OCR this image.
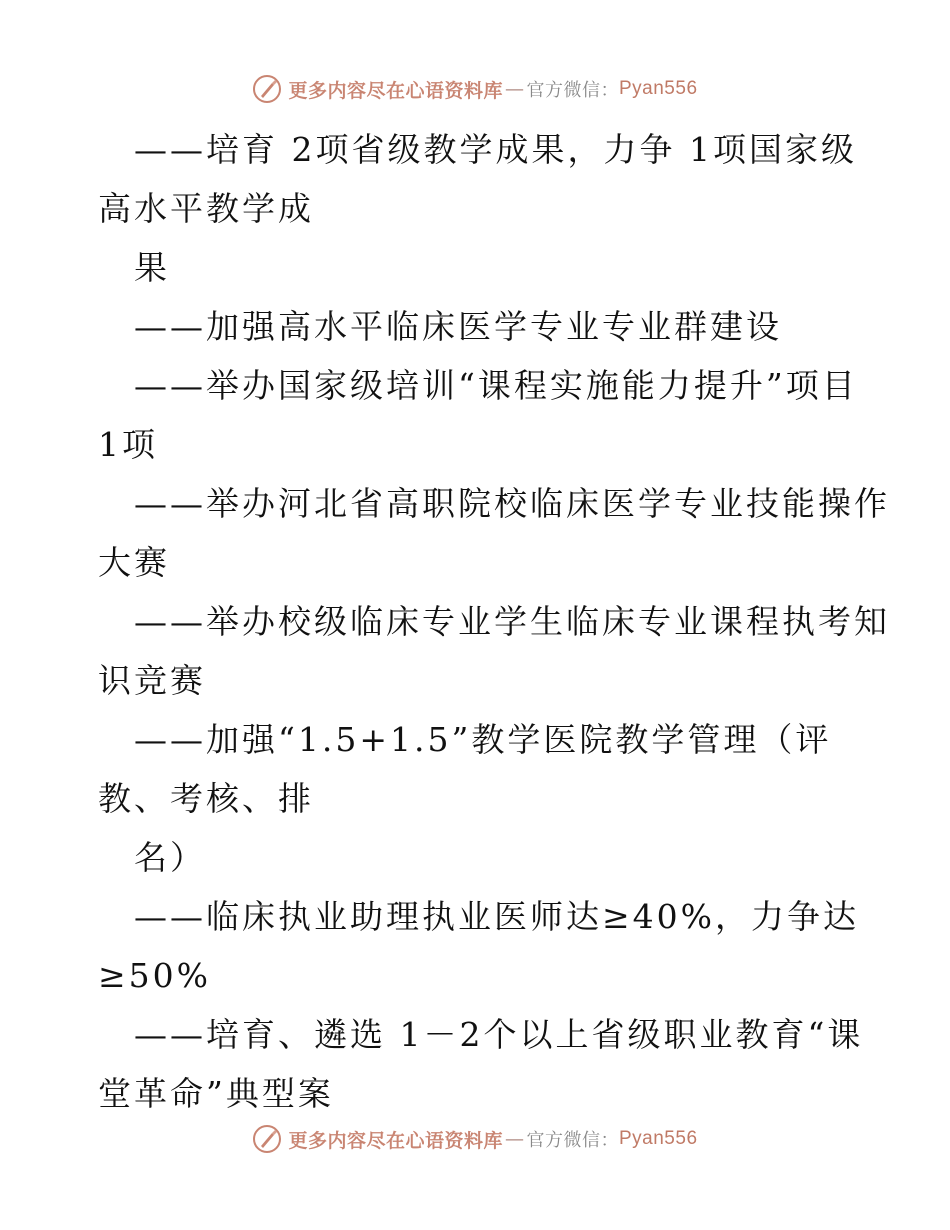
更多内容尽在心语资料库 — 官方微信： Pyan556
——培育 2项省级教学成果，力争 1项国家级
高水平教学成
果
——加强高水平临床医学专业专业群建设
——举办国家级培训“课程实施能力提升”项目
1项
——举办河北省高职院校临床医学专业技能操作
大赛
——举办校级临床专业学生临床专业课程执考知
识竞赛
——加强“1.5+1.5”教学医院教学管理（评
教、考核、排
名）
——临床执业助理执业医师达≥40%，力争达
≥50%
——培育、遴选 1－2个以上省级职业教育“课
堂革命”典型案
更多内容尽在心语资料库 — 官方微信： Pyan556
